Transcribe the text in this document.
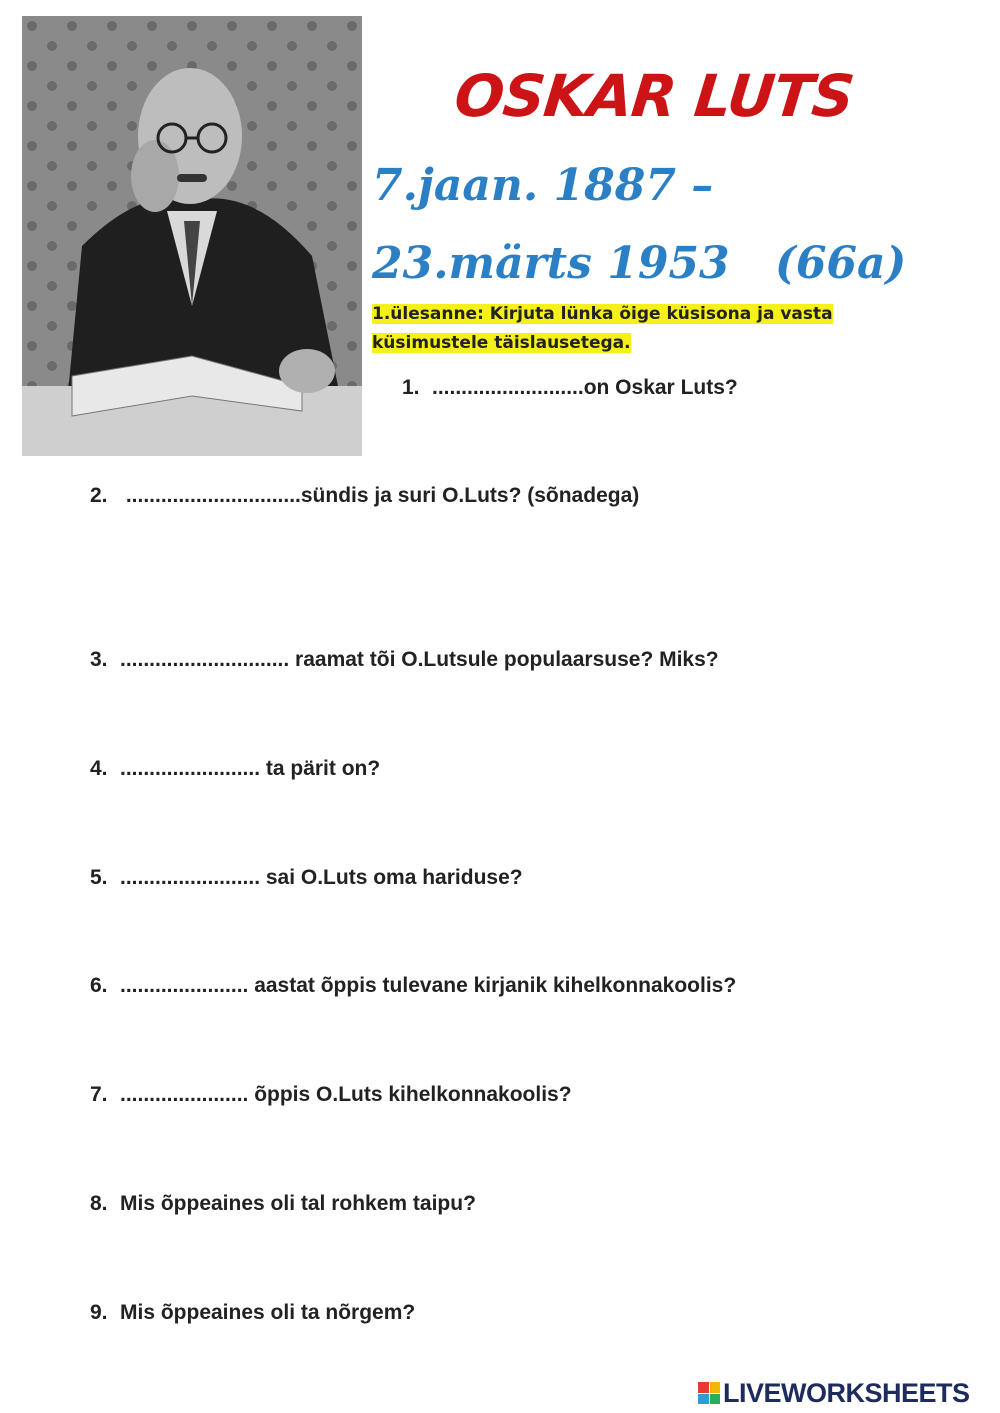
OSKAR LUTS
7.jaan. 1887 –
23.märts 1953 (66a)
1.ülesanne: Kirjuta lünka õige küsisona ja vasta
küsimustele täislausetega.
1. ..........................on Oskar Luts?
2. ..............................sündis ja suri O.Luts? (sõnadega)
3. ............................. raamat tõi O.Lutsule populaarsuse? Miks?
4. ........................ ta pärit on?
5. ........................ sai O.Luts oma hariduse?
6. ...................... aastat õppis tulevane kirjanik kihelkonnakoolis?
7. ...................... õppis O.Luts kihelkonnakoolis?
8. Mis õppeaines oli tal rohkem taipu?
9. Mis õppeaines oli ta nõrgem?
LIVEWORKSHEETS
